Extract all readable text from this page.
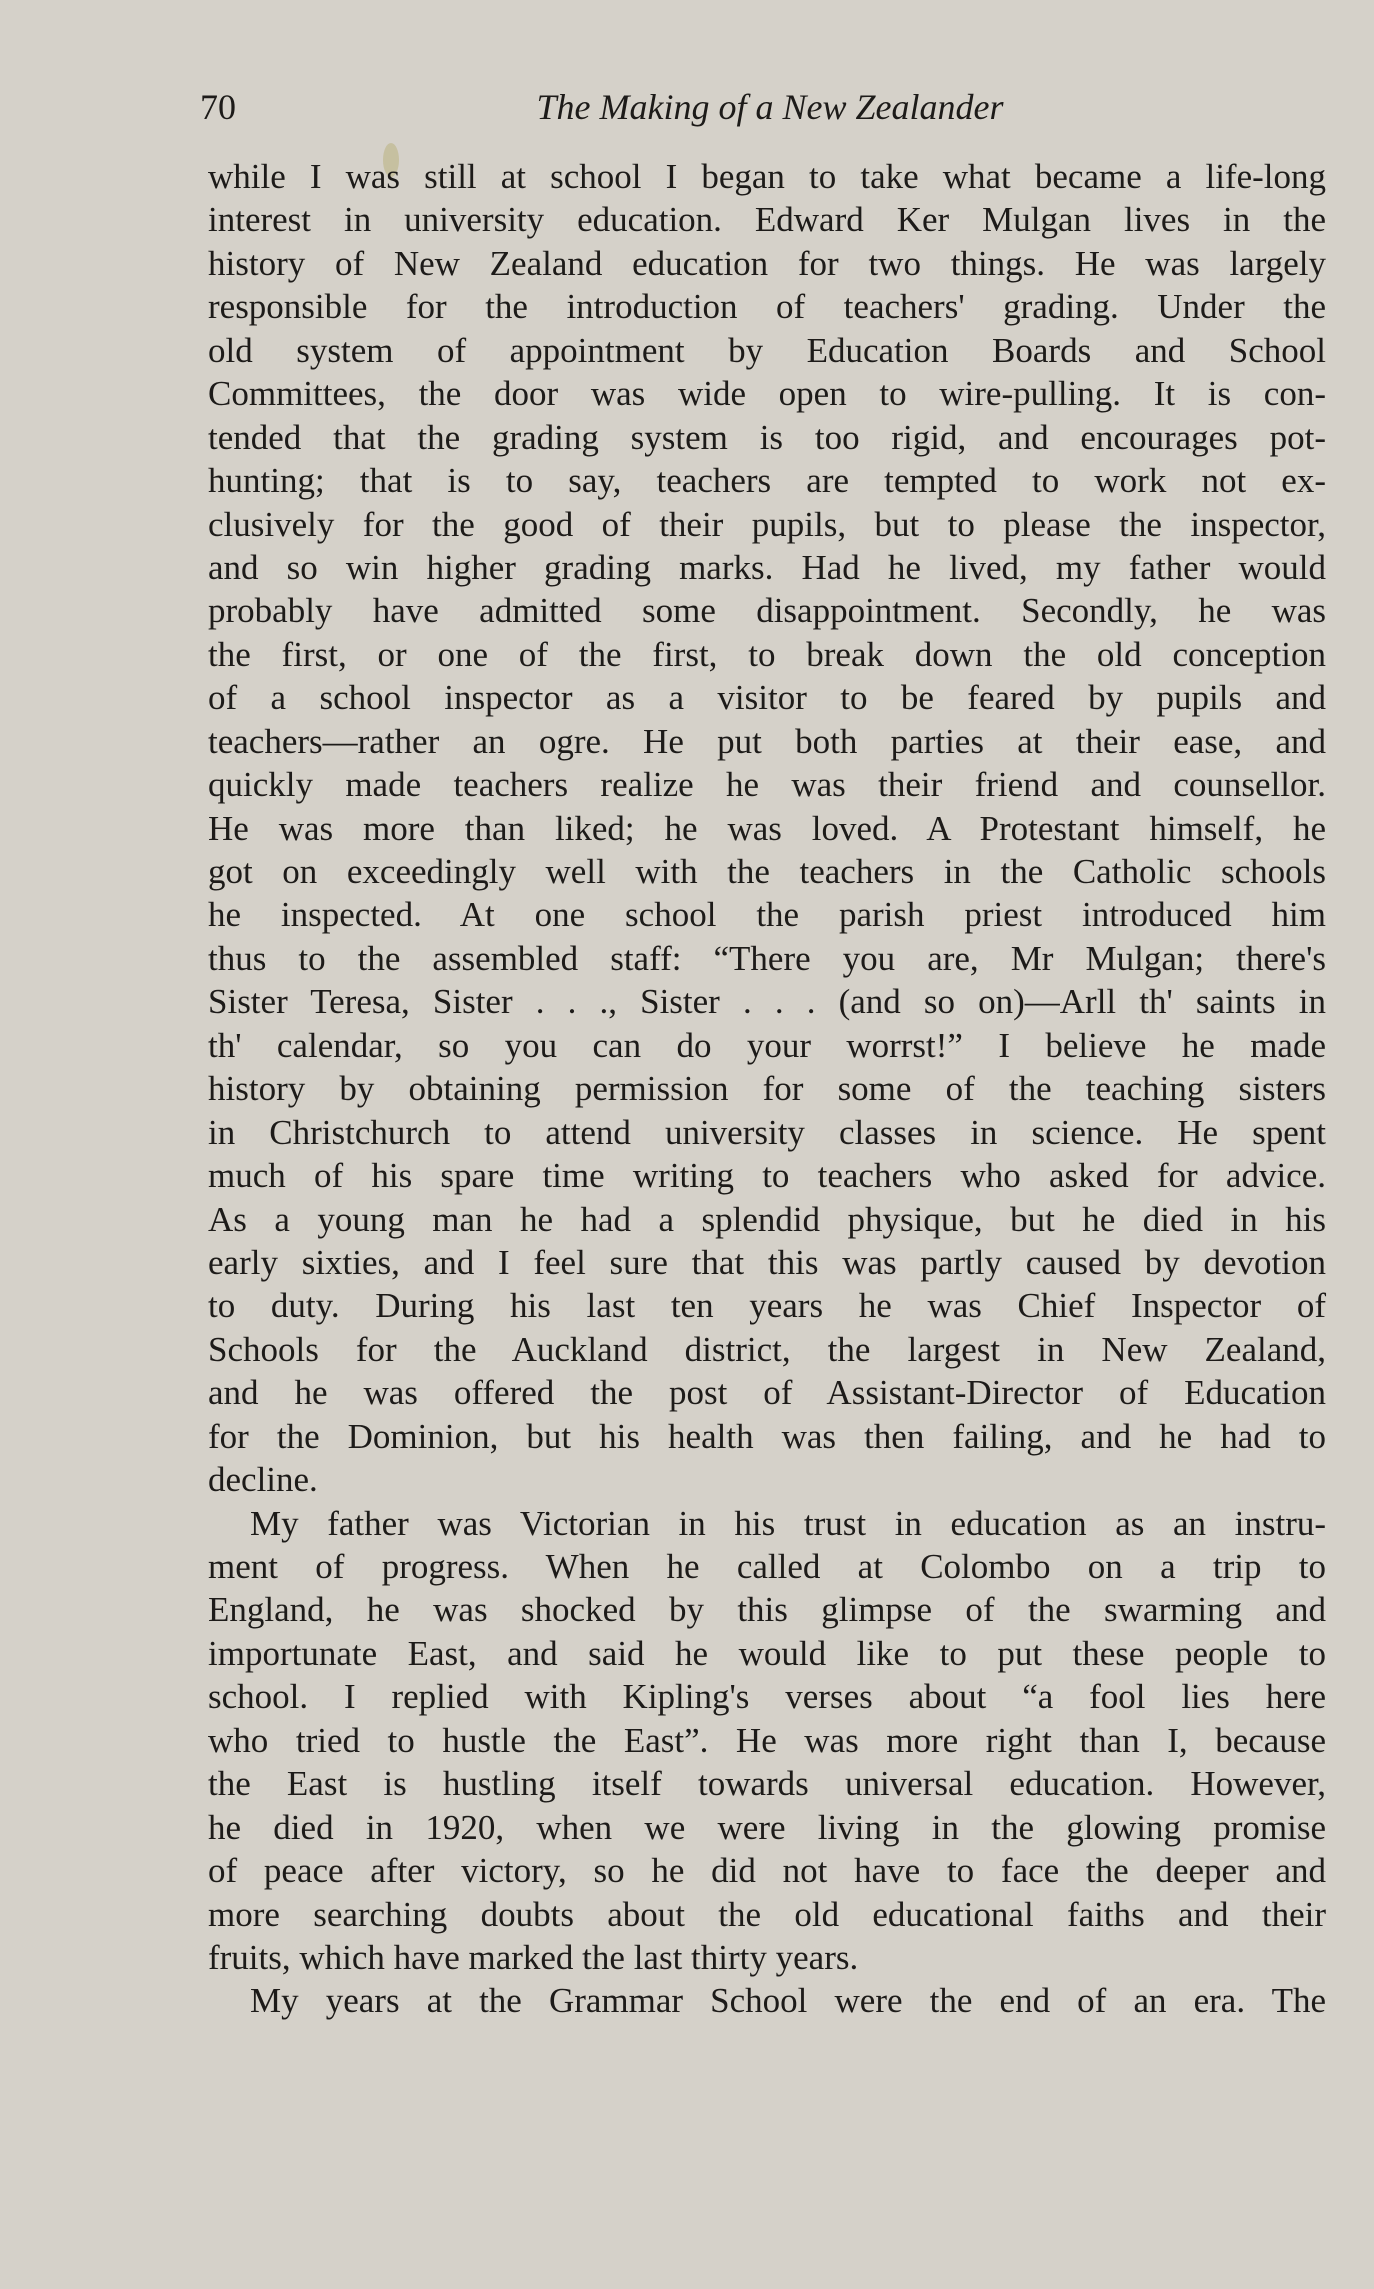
70	The Making of a New Zealander
while I was still at school I began to take what became a life-long
interest in university education. Edward Ker Mulgan lives in the
history of New Zealand education for two things. He was largely
responsible for the introduction of teachers' grading. Under the
old system of appointment by Education Boards and School
Committees, the door was wide open to wire-pulling. It is con-
tended that the grading system is too rigid, and encourages pot-
hunting; that is to say, teachers are tempted to work not ex-
clusively for the good of their pupils, but to please the inspector,
and so win higher grading marks. Had he lived, my father would
probably have admitted some disappointment. Secondly, he was
the first, or one of the first, to break down the old conception
of a school inspector as a visitor to be feared by pupils and
teachers—rather an ogre. He put both parties at their ease, and
quickly made teachers realize he was their friend and counsellor.
He was more than liked; he was loved. A Protestant himself, he
got on exceedingly well with the teachers in the Catholic schools
he inspected. At one school the parish priest introduced him
thus to the assembled staff: “There you are, Mr Mulgan; there's
Sister Teresa, Sister . . ., Sister . . . (and so on)—Arll th' saints in
th' calendar, so you can do your worrst!” I believe he made
history by obtaining permission for some of the teaching sisters
in Christchurch to attend university classes in science. He spent
much of his spare time writing to teachers who asked for advice.
As a young man he had a splendid physique, but he died in his
early sixties, and I feel sure that this was partly caused by devotion
to duty. During his last ten years he was Chief Inspector of
Schools for the Auckland district, the largest in New Zealand,
and he was offered the post of Assistant-Director of Education
for the Dominion, but his health was then failing, and he had to
decline.
My father was Victorian in his trust in education as an instru-
ment of progress. When he called at Colombo on a trip to
England, he was shocked by this glimpse of the swarming and
importunate East, and said he would like to put these people to
school. I replied with Kipling's verses about “a fool lies here
who tried to hustle the East”. He was more right than I, because
the East is hustling itself towards universal education. However,
he died in 1920, when we were living in the glowing promise
of peace after victory, so he did not have to face the deeper and
more searching doubts about the old educational faiths and their
fruits, which have marked the last thirty years.
My years at the Grammar School were the end of an era. The
